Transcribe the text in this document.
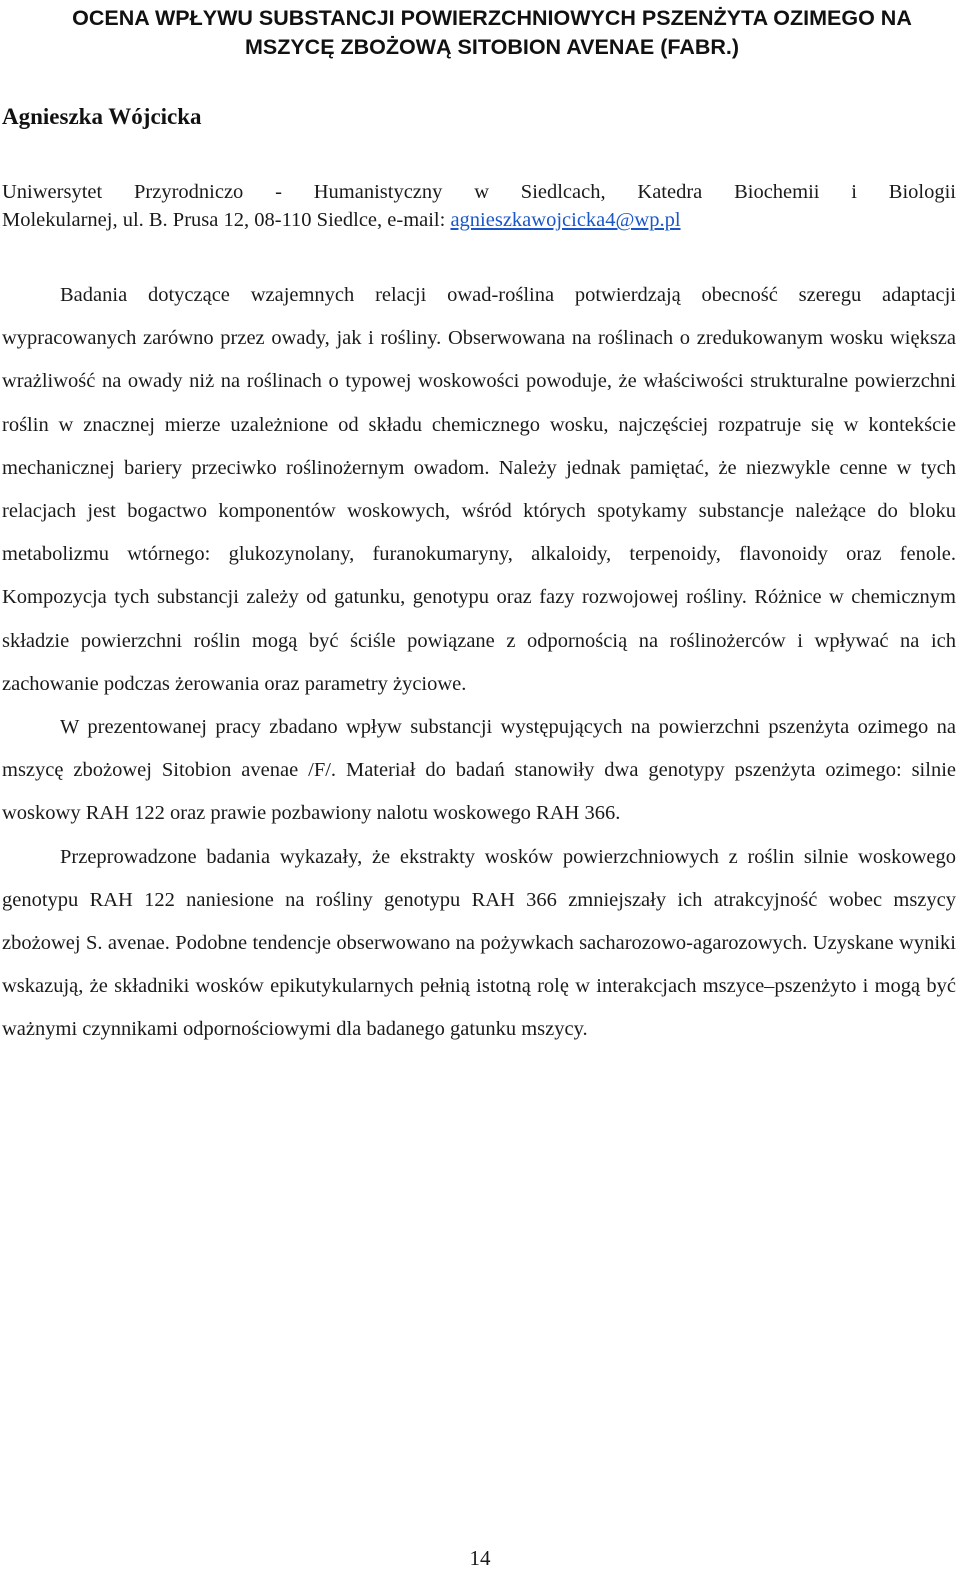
OCENA WPŁYWU SUBSTANCJI POWIERZCHNIOWYCH PSZENŻYTA OZIMEGO NA MSZYCĘ ZBOŻOWĄ SITOBION AVENAE (FABR.)
Agnieszka Wójcicka
Uniwersytet Przyrodniczo - Humanistyczny w Siedlcach, Katedra Biochemii i Biologii
Molekularnej, ul. B. Prusa 12, 08-110 Siedlce, e-mail: agnieszkawojcicka4@wp.pl

Badania dotyczące wzajemnych relacji owad-roślina potwierdzają obecność szeregu adaptacji wypracowanych zarówno przez owady, jak i rośliny. Obserwowana na roślinach o zredukowanym wosku większa wrażliwość na owady niż na roślinach o typowej woskowości powoduje, że właściwości strukturalne powierzchni roślin w znacznej mierze uzależnione od składu chemicznego wosku, najczęściej rozpatruje się w kontekście mechanicznej bariery przeciwko roślinożernym owadom. Należy jednak pamiętać, że niezwykle cenne w tych relacjach jest bogactwo komponentów woskowych, wśród których spotykamy substancje należące do bloku metabolizmu wtórnego: glukozynolany, furanokumaryny, alkaloidy, terpenoidy, flavonoidy oraz fenole. Kompozycja tych substancji zależy od gatunku, genotypu oraz fazy rozwojowej rośliny. Różnice w chemicznym składzie powierzchni roślin mogą być ściśle powiązane z odpornością na roślinożerców i wpływać na ich zachowanie podczas żerowania oraz parametry życiowe.

W prezentowanej pracy zbadano wpływ substancji występujących na powierzchni pszenżyta ozimego na mszycę zbożowej Sitobion avenae /F/. Materiał do badań stanowiły dwa genotypy pszenżyta ozimego: silnie woskowy RAH 122 oraz prawie pozbawiony nalotu woskowego RAH 366.

Przeprowadzone badania wykazały, że ekstrakty wosków powierzchniowych z roślin silnie woskowego genotypu RAH 122 naniesione na rośliny genotypu RAH 366 zmniejszały ich atrakcyjność wobec mszycy zbożowej S. avenae. Podobne tendencje obserwowano na pożywkach sacharozowo-agarozowych. Uzyskane wyniki wskazują, że składniki wosków epikutykularnych pełnią istotną rolę w interakcjach mszyce–pszenżyto i mogą być ważnymi czynnikami odpornościowymi dla badanego gatunku mszycy.

14
